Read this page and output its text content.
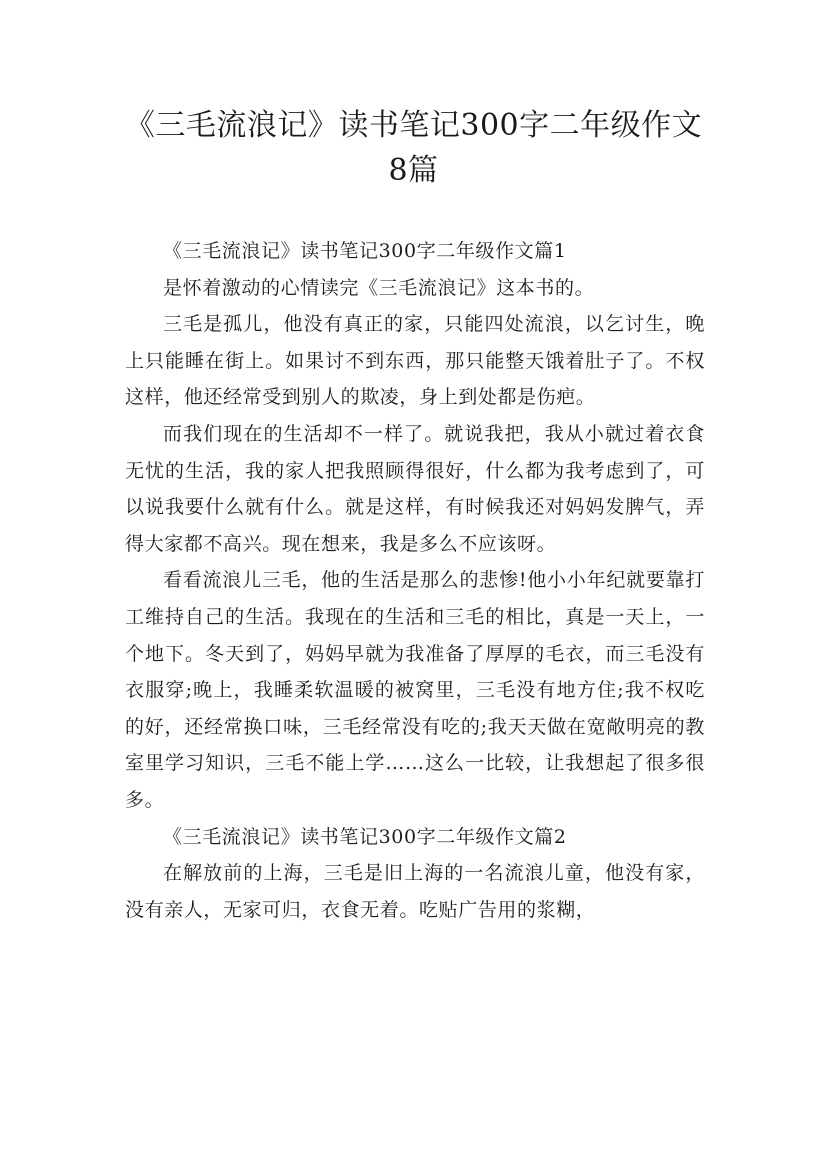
《三毛流浪记》读书笔记300字二年级作文
8篇

《三毛流浪记》读书笔记300字二年级作文篇1

是怀着激动的心情读完《三毛流浪记》这本书的。

三毛是孤儿，他没有真正的家，只能四处流浪，以乞讨生，晚上只能睡在街上。如果讨不到东西，那只能整天饿着肚子了。不权这样，他还经常受到别人的欺凌，身上到处都是伤疤。

而我们现在的生活却不一样了。就说我把，我从小就过着衣食无忧的生活，我的家人把我照顾得很好，什么都为我考虑到了，可以说我要什么就有什么。就是这样，有时候我还对妈妈发脾气，弄得大家都不高兴。现在想来，我是多么不应该呀。

看看流浪儿三毛，他的生活是那么的悲惨!他小小年纪就要靠打工维持自己的生活。我现在的生活和三毛的相比，真是一天上，一个地下。冬天到了，妈妈早就为我准备了厚厚的毛衣，而三毛没有衣服穿;晚上，我睡柔软温暖的被窝里，三毛没有地方住;我不权吃的好，还经常换口味，三毛经常没有吃的;我天天做在宽敞明亮的教室里学习知识，三毛不能上学……这么一比较，让我想起了很多很多。

《三毛流浪记》读书笔记300字二年级作文篇2

在解放前的上海，三毛是旧上海的一名流浪儿童，他没有家，没有亲人，无家可归，衣食无着。吃贴广告用的浆糊，
